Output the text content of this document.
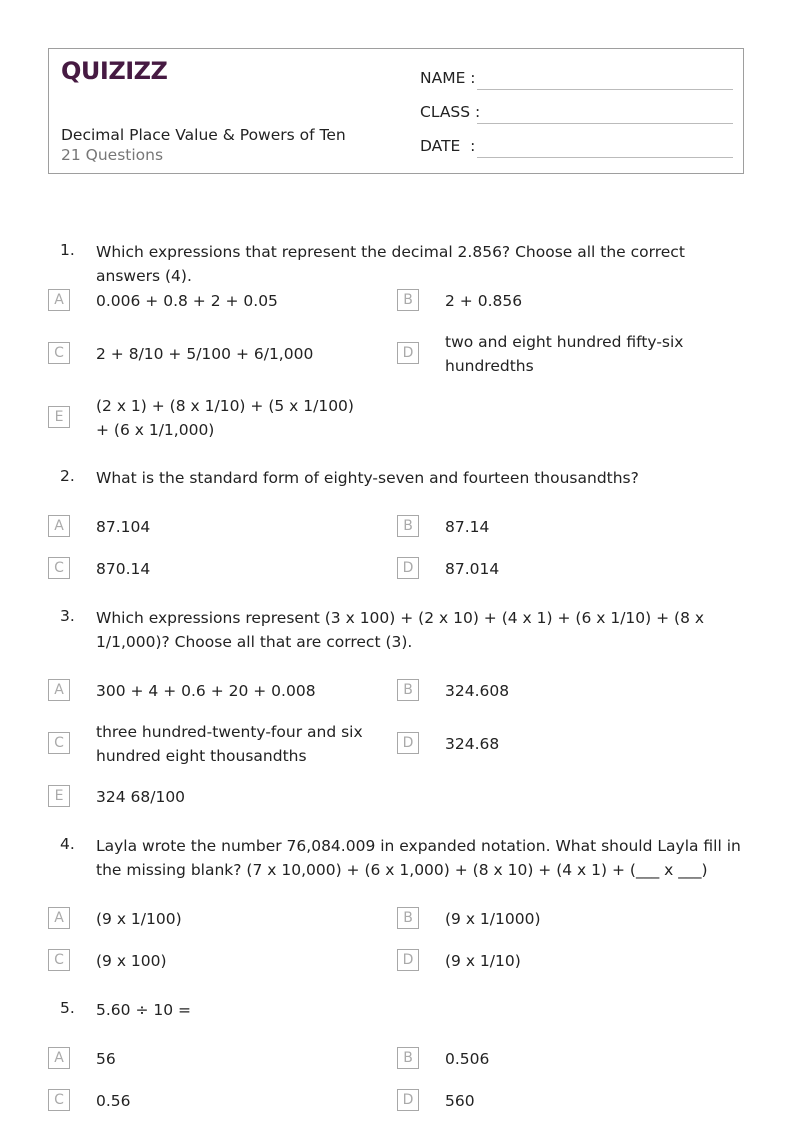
QUIZIZZ
Decimal Place Value & Powers of Ten
21 Questions
NAME :
CLASS :
DATE  :
1. Which expressions that represent the decimal 2.856? Choose all the correct answers (4).
A	0.006 + 0.8 + 2 + 0.05	B	2 + 0.856
C	2 + 8/10 + 5/100 + 6/1,000	D
two and eight hundred fifty-six hundredths
E
(2 x 1) + (8 x 1/10) + (5 x 1/100) + (6 x 1/1,000)
2. What is the standard form of eighty-seven and fourteen thousandths?
A	87.104	B	87.14
C	870.14	D	87.014
3. Which expressions represent (3 x 100) + (2 x 10) + (4 x 1) + (6 x 1/10) + (8 x 1/1,000)? Choose all that are correct (3).
A	300 + 4 + 0.6 + 20 + 0.008	B	324.608
C
three hundred-twenty-four and six hundred eight thousandths
D	324.68
E	324 68/100
4. Layla wrote the number 76,084.009 in expanded notation. What should Layla fill in the missing blank? (7 x 10,000) + (6 x 1,000) + (8 x 10) + (4 x 1) + (___ x ___)
A	(9 x 1/100)	B	(9 x 1/1000)
C	(9 x 100)	D	(9 x 1/10)
5. 5.60 ÷ 10 =
A	56	B	0.506
C	0.56	D	560
